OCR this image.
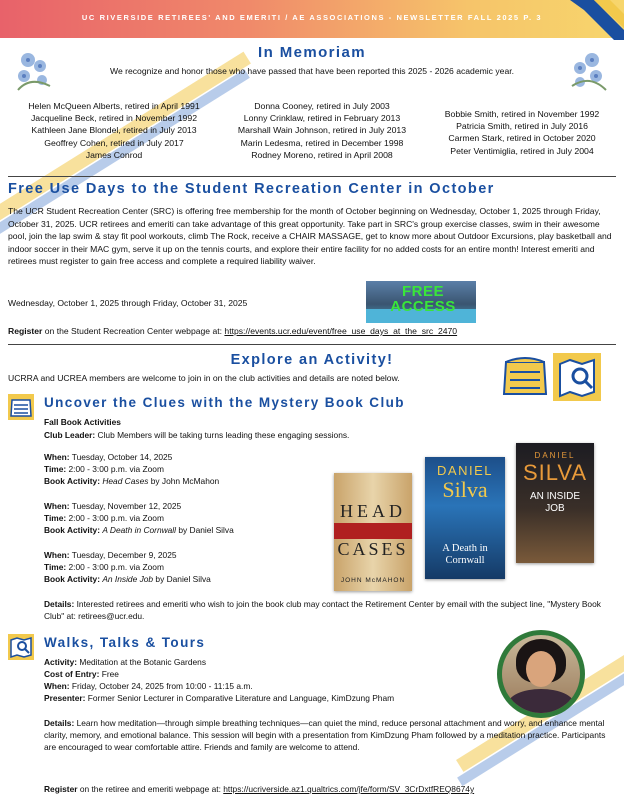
UC RIVERSIDE RETIREES' AND EMERITI / AE ASSOCIATIONS - NEWSLETTER FALL 2025 P. 3
In Memoriam
We recognize and honor those who have passed that have been reported this 2025 - 2026 academic year.
Helen McQueen Alberts, retired in April 1991
Jacqueline Beck, retired in November 1992
Kathleen Jane Blondel, retired in July 2013
Geoffrey Cohen, retired in July 2017
James Conrod
Donna Cooney, retired in July 2003
Lonny Crinklaw, retired in February 2013
Marshall Wain Johnson, retired in July 2013
Marin Ledesma, retired in December 1998
Rodney Moreno, retired in April 2008
Bobbie Smith, retired in November 1992
Patricia Smith, retired in July 2016
Carmen Stark, retired in October 2020
Peter Ventimiglia, retired in July 2004
Free Use Days to the Student Recreation Center in October
The UCR Student Recreation Center (SRC) is offering free membership for the month of October beginning on Wednesday, October 1, 2025 through Friday, October 31, 2025. UCR retirees and emeriti can take advantage of this great opportunity. Take part in SRC's group exercise classes, swim in their awesome pool, join the lap swim & stay fit pool workouts, climb The Rock, receive a CHAIR MASSAGE, get to know more about Outdoor Excursions, play basketball and indoor soccer in their MAC gym, serve it up on the tennis courts, and explore their entire facility for no added costs for an entire month! Interest emeriti and retirees must register to gain free access and complete a required liability waiver.
Wednesday, October 1, 2025 through Friday, October 31, 2025
FREE ACCESS
Register on the Student Recreation Center webpage at: https://events.ucr.edu/event/free_use_days_at_the_src_2470
Explore an Activity!
UCRRA and UCREA members are welcome to join in on the club activities and details are noted below.
Uncover the Clues with the Mystery Book Club
Fall Book Activities
Club Leader: Club Members will be taking turns leading these engaging sessions.
When: Tuesday, October 14, 2025
Time: 2:00 - 3:00 p.m. via Zoom
Book Activity: Head Cases by John McMahon
When: Tuesday, November 12, 2025
Time: 2:00 - 3:00 p.m. via Zoom
Book Activity: A Death in Cornwall by Daniel Silva
When: Tuesday, December 9, 2025
Time: 2:00 - 3:00 p.m. via Zoom
Book Activity: An Inside Job by Daniel Silva
HEAD
CASES
JOHN McMAHON
DANIEL
Silva
A Death in Cornwall
DANIEL
SILVA
AN INSIDE JOB
Details: Interested retirees and emeriti who wish to join the book club may contact the Retirement Center by email with the subject line, "Mystery Book Club" at: retirees@ucr.edu.
Walks, Talks & Tours
Activity: Meditation at the Botanic Gardens
Cost of Entry: Free
When: Friday, October 24, 2025 from 10:00 - 11:15 a.m.
Presenter: Former Senior Lecturer in Comparative Literature and Language, KimDzung Pham
Details: Learn how meditation—through simple breathing techniques—can quiet the mind, reduce personal attachment and worry, and enhance mental clarity, memory, and emotional balance. This session will begin with a presentation from KimDzung Pham followed by a meditation practice. Participants are encouraged to wear comfortable attire. Friends and family are welcome to attend.
Register on the retiree and emeriti webpage at: https://ucriverside.az1.qualtrics.com/jfe/form/SV_3CrDxtfREQ8674y
